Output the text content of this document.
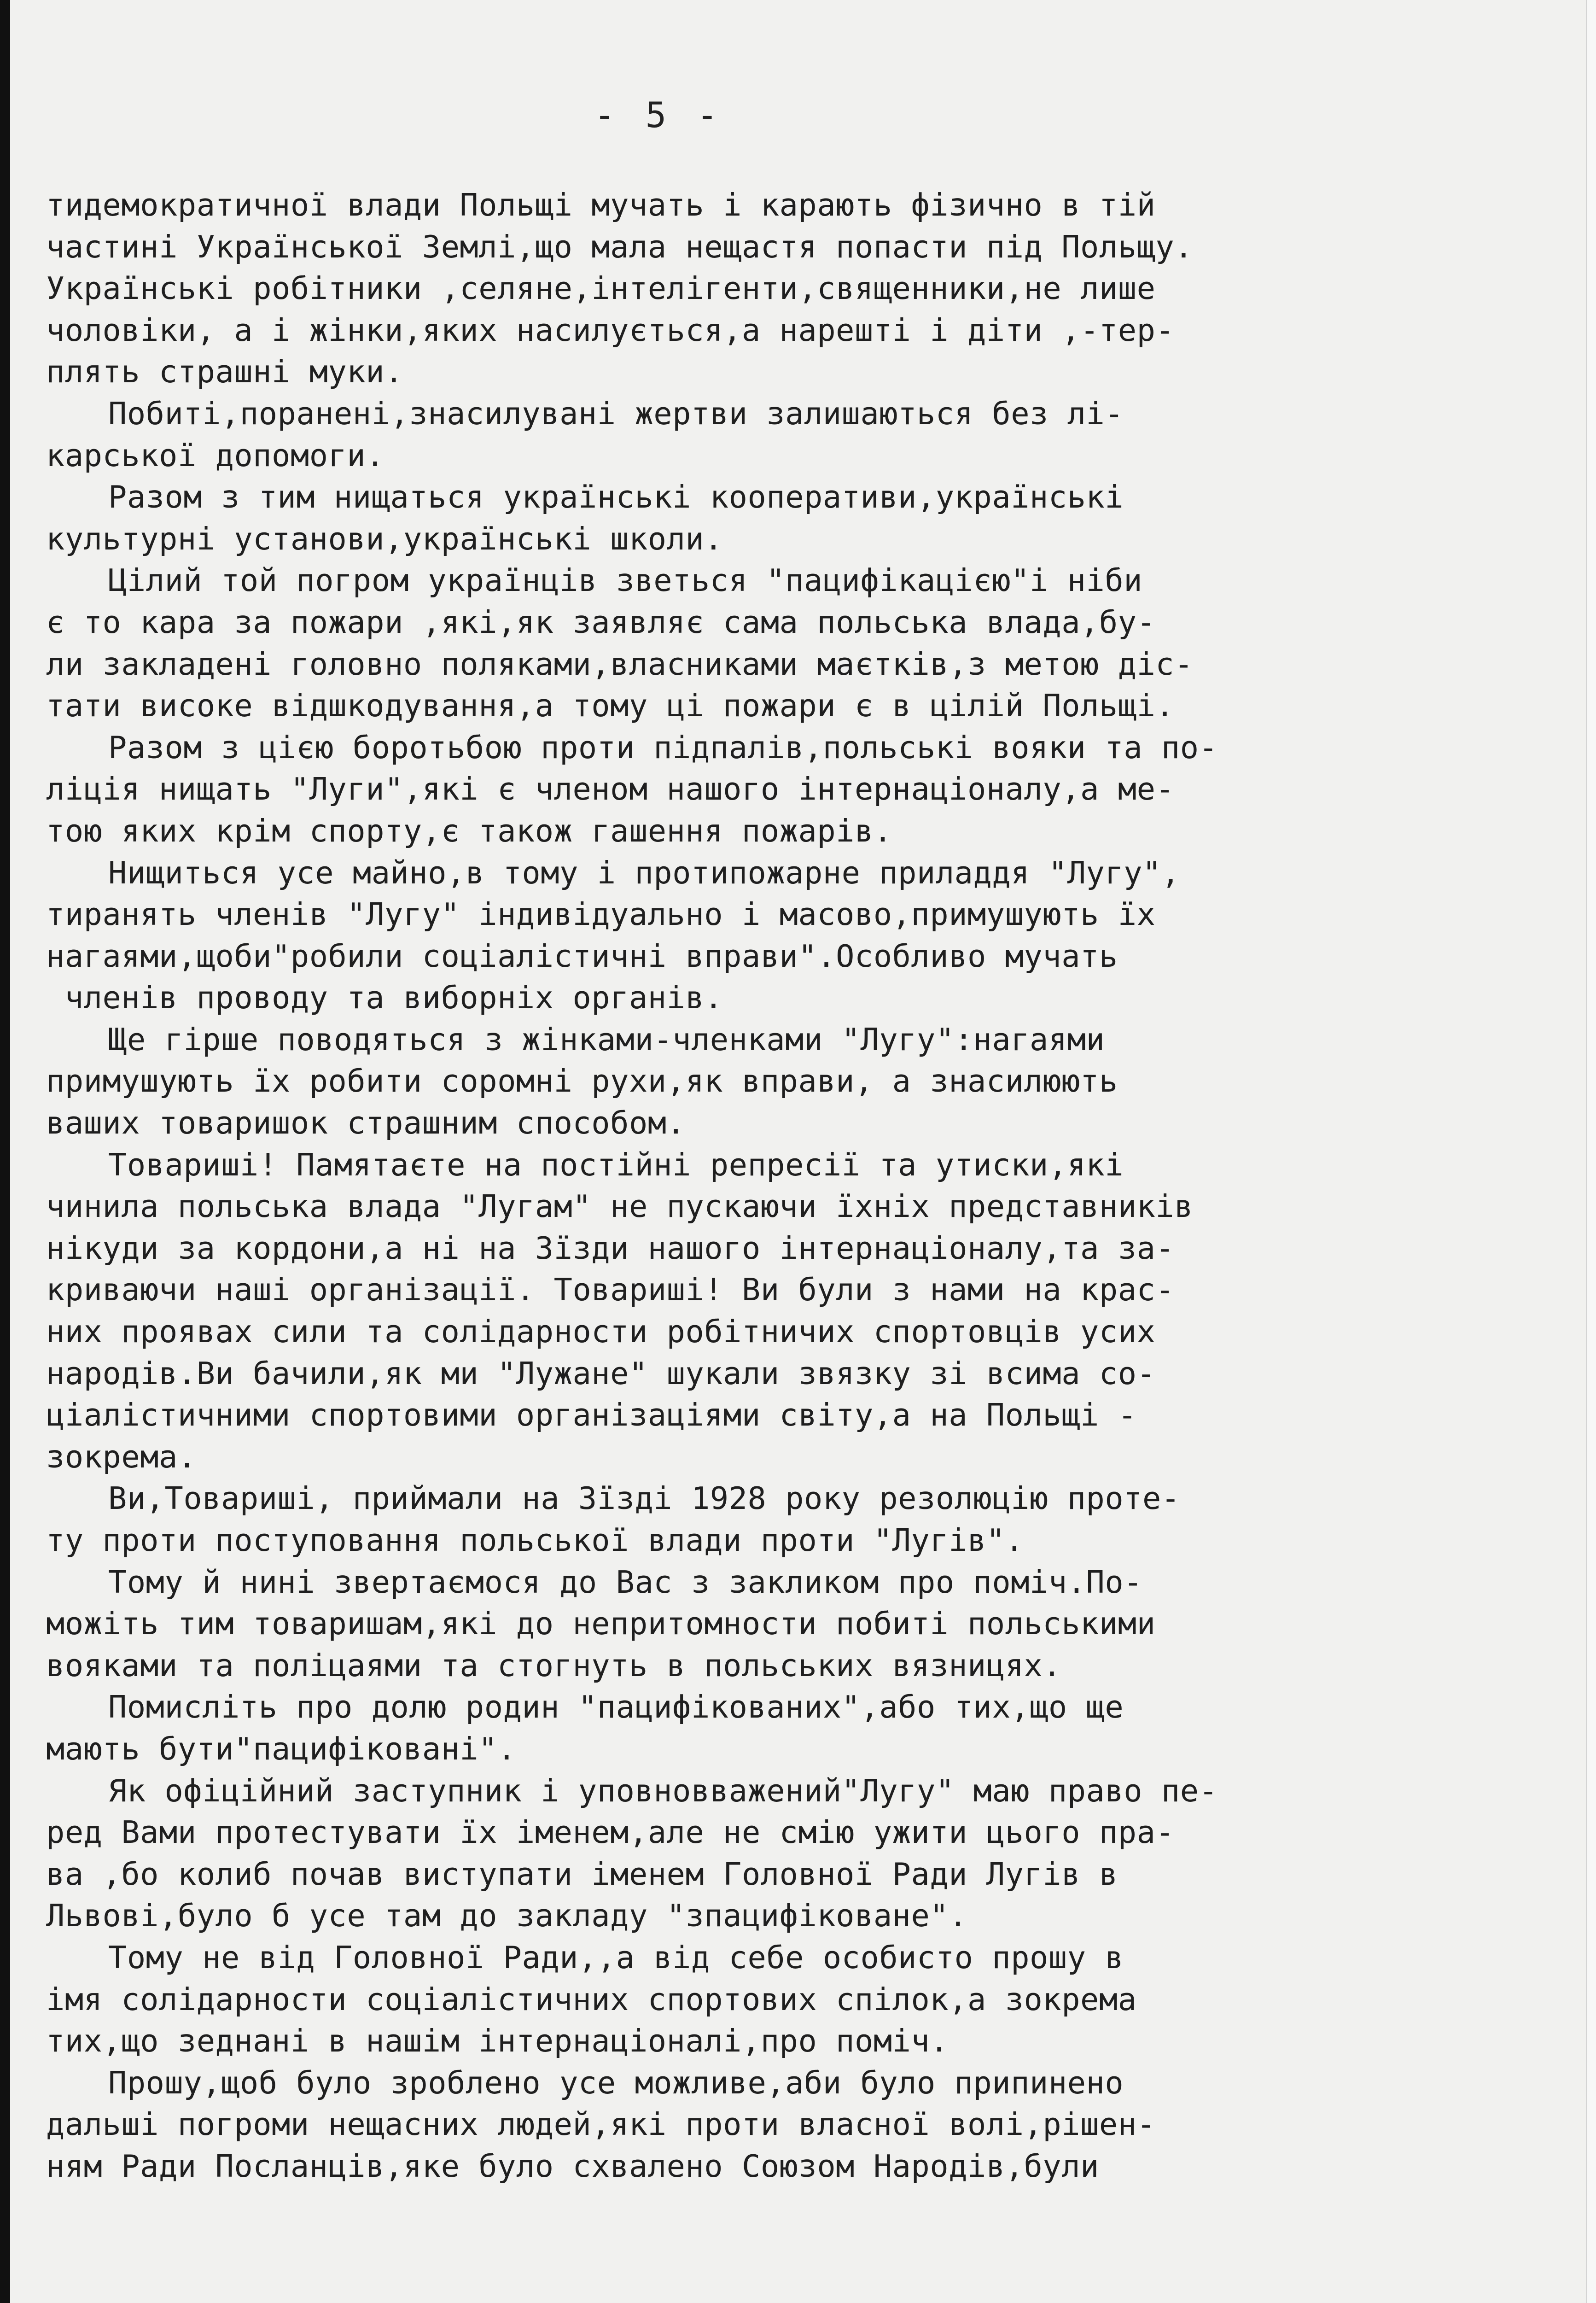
- 5 -
тидемократичної влади Польщі мучать і карають фізично в тій
частині Української Землі,що мала нещастя попасти під Польщу.
Українські робітники ,селяне,інтелігенти,священники,не лише
чоловіки, а і жінки,яких насилується,а нарешті і діти ,-тер-
плять страшні муки.
Побиті,поранені,знасилувані жертви залишаються без лі-
карської допомоги.
Разом з тим нищаться українські кооперативи,українські
культурні установи,українські школи.
Цілий той погром українців зветься "пацифікацією"і ніби
є то кара за пожари ,які,як заявляє сама польська влада,бу-
ли закладені головно поляками,власниками маєтків,з метою діс-
тати високе відшкодування,а тому ці пожари є в цілій Польщі.
Разом з цією боротьбою проти підпалів,польські вояки та по-
ліція нищать "Луги",які є членом нашого інтернаціоналу,а ме-
тою яких крім спорту,є також гашення пожарів.
Нищиться усе майно,в тому і протипожарне приладдя "Лугу",
тиранять членів "Лугу" індивідуально і масово,примушують їх
нагаями,щоби"робили соціалістичні вправи".Особливо мучать
членів проводу та виборніх органів.
Ще гірше поводяться з жінками-членками "Лугу":нагаями
примушують їх робити соромні рухи,як вправи, а знасилюють
ваших товаришок страшним способом.
Товариші! Памятаєте на постійні репресії та утиски,які
чинила польська влада "Лугам" не пускаючи їхніх представників
нікуди за кордони,а ні на Зїзди нашого інтернаціоналу,та за-
криваючи наші організації. Товариші! Ви були з нами на крас-
них проявах сили та солідарности робітничих спортовців усих
народів.Ви бачили,як ми "Лужане" шукали звязку зі всима со-
ціалістичними спортовими організаціями світу,а на Польщі -
зокрема.
Ви,Товариші, приймали на Зїзді 1928 року резолюцію проте-
ту проти поступовання польської влади проти "Лугів".
Тому й нині звертаємося до Вас з закликом про поміч.По-
можіть тим товаришам,які до непритомности побиті польськими
вояками та поліцаями та стогнуть в польських вязницях.
Помисліть про долю родин "пацифікованих",або тих,що ще
мають бути"пацифіковані".
Як офіційний заступник і уповновважений"Лугу" маю право пе-
ред Вами протестувати їх іменем,але не смію ужити цього пра-
ва ,бо колиб почав виступати іменем Головної Ради Лугів в
Львові,було б усе там до закладу "зпацифіковане".
Тому не від Головної Ради,,а від себе особисто прошу в
імя солідарности соціалістичних спортових спілок,а зокрема
тих,що зеднані в нашім інтернаціоналі,про поміч.
Прошу,щоб було зроблено усе можливе,аби було припинено
дальші погроми нещасних людей,які проти власної волі,рішен-
ням Ради Посланців,яке було схвалено Союзом Народів,були
